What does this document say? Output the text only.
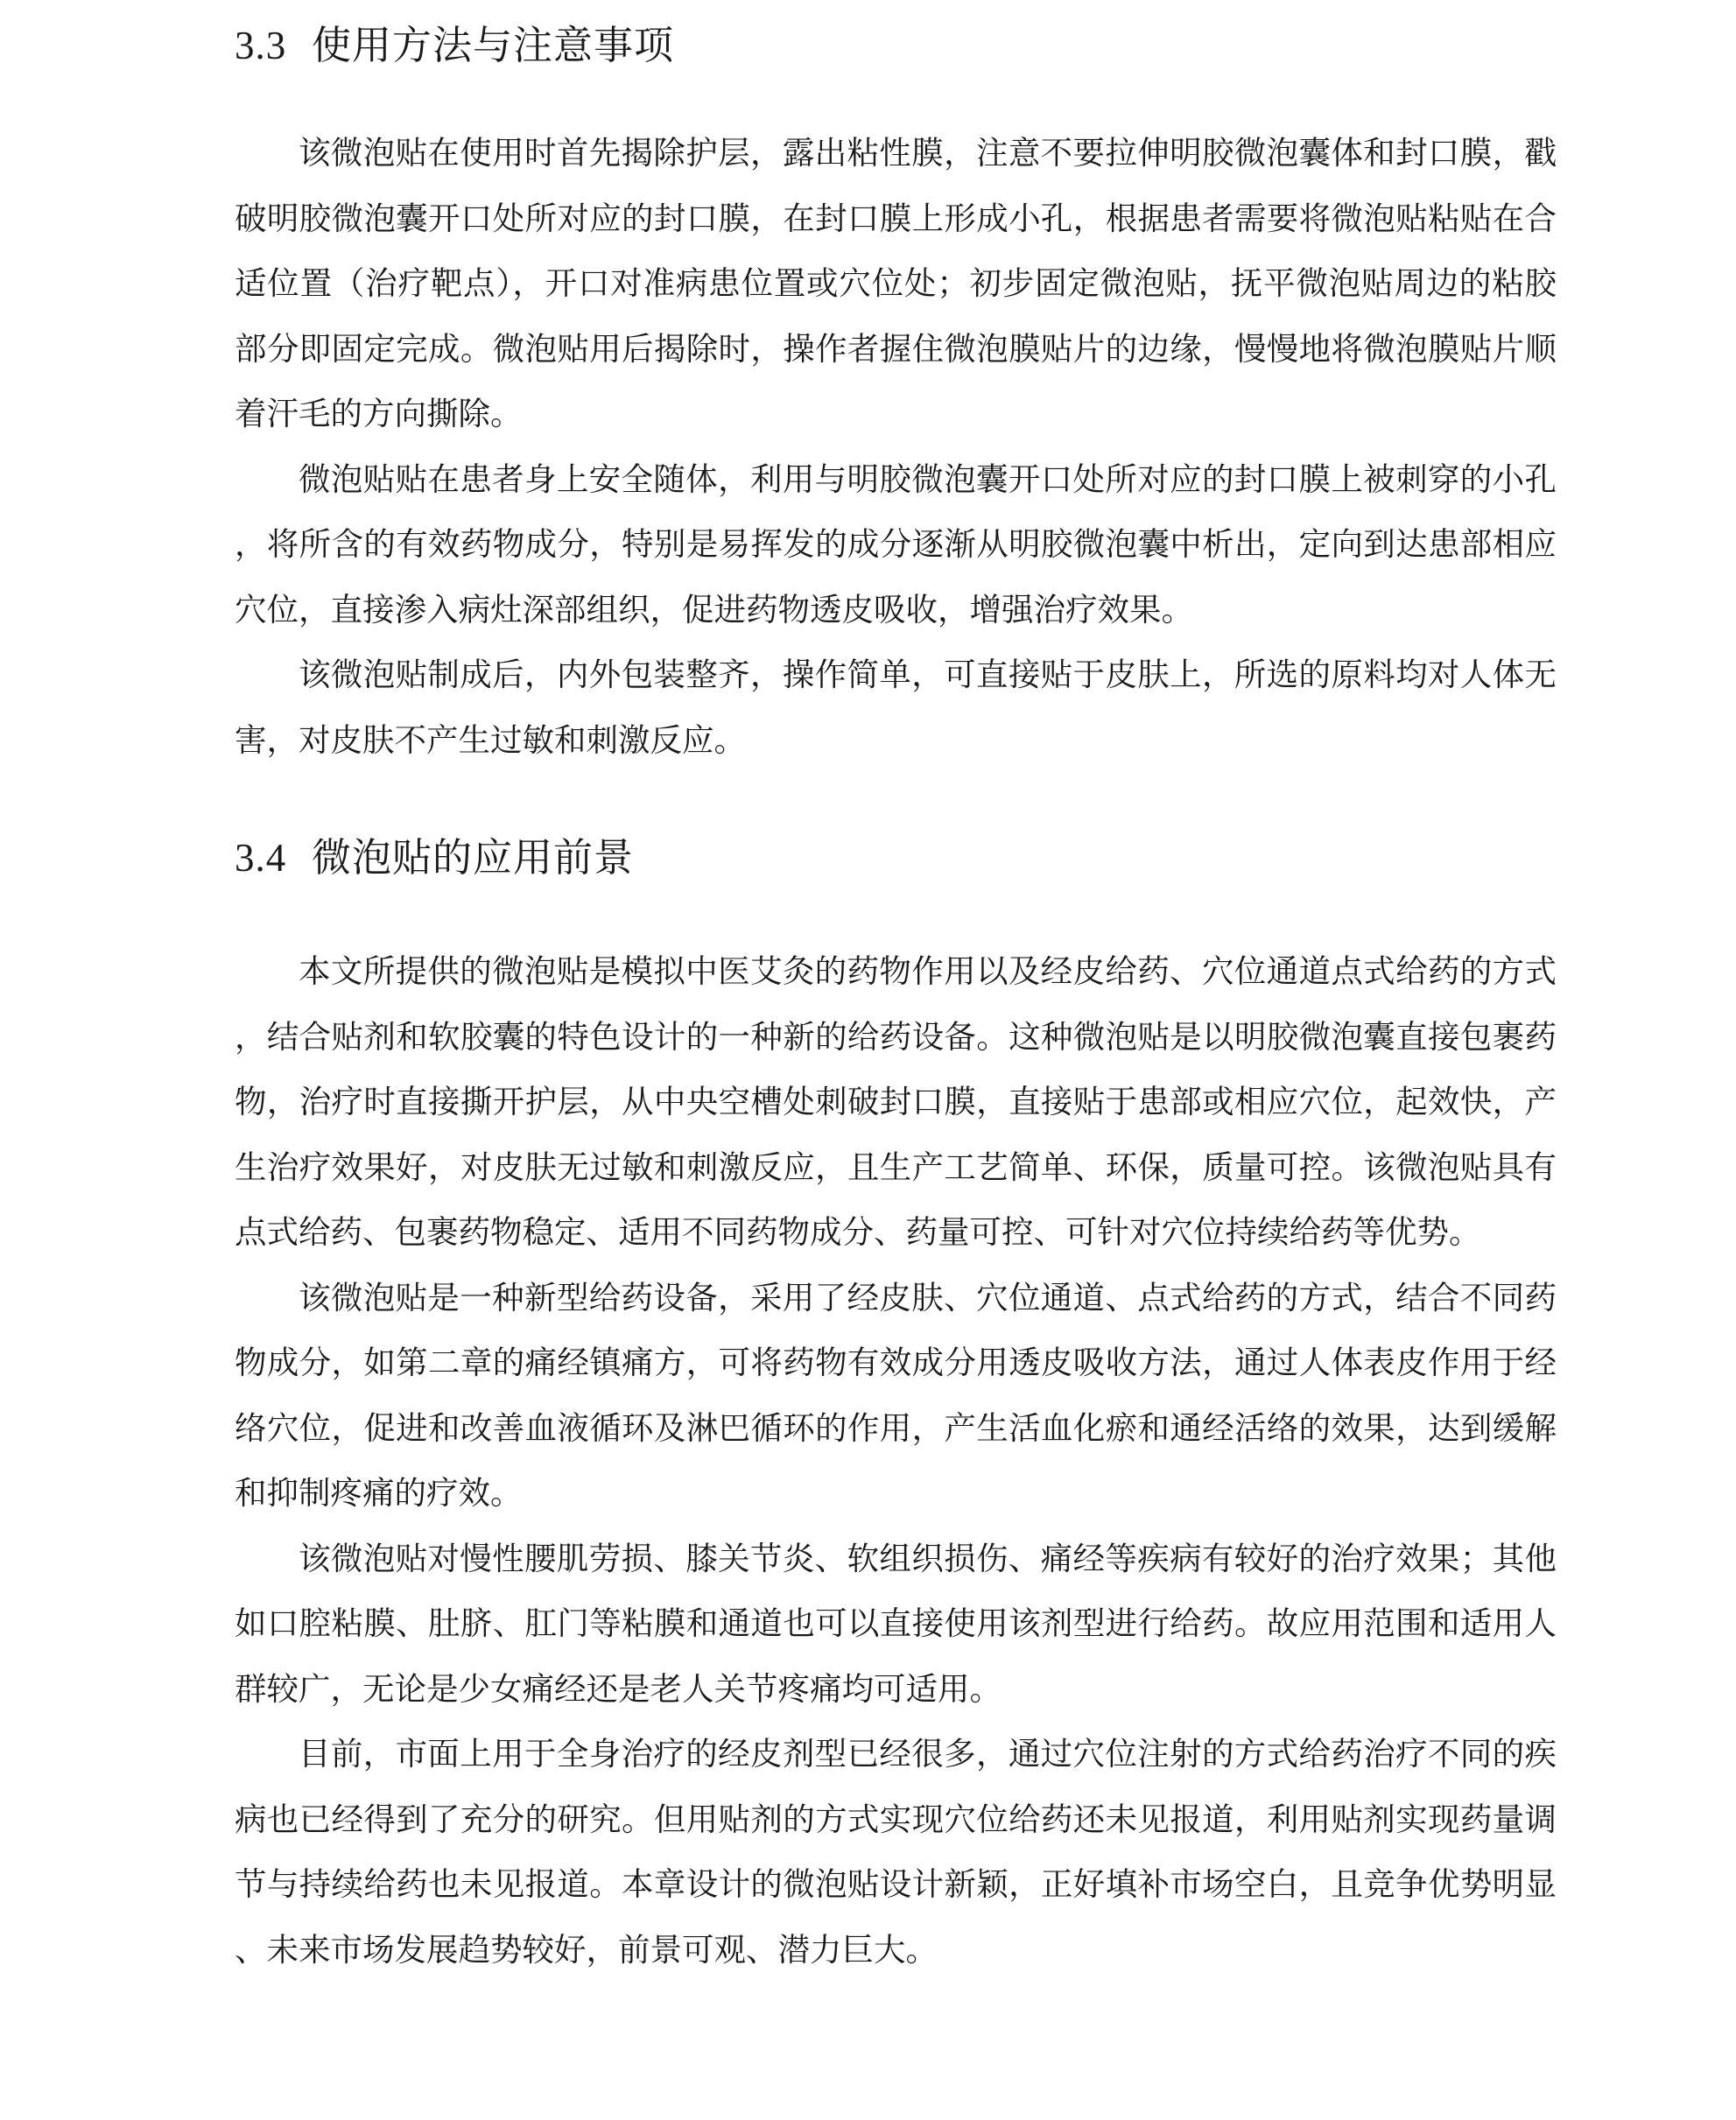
3.3 使用方法与注意事项

该微泡贴在使用时首先揭除护层，露出粘性膜，注意不要拉伸明胶微泡囊体和封口膜，戳破明胶微泡囊开口处所对应的封口膜，在封口膜上形成小孔，根据患者需要将微泡贴粘贴在合适位置（治疗靶点），开口对准病患位置或穴位处；初步固定微泡贴，抚平微泡贴周边的粘胶部分即固定完成。微泡贴用后揭除时，操作者握住微泡膜贴片的边缘，慢慢地将微泡膜贴片顺着汗毛的方向撕除。

微泡贴贴在患者身上安全随体，利用与明胶微泡囊开口处所对应的封口膜上被刺穿的小孔，将所含的有效药物成分，特别是易挥发的成分逐渐从明胶微泡囊中析出，定向到达患部相应穴位，直接渗入病灶深部组织，促进药物透皮吸收，增强治疗效果。

该微泡贴制成后，内外包装整齐，操作简单，可直接贴于皮肤上，所选的原料均对人体无害，对皮肤不产生过敏和刺激反应。

3.4 微泡贴的应用前景

本文所提供的微泡贴是模拟中医艾灸的药物作用以及经皮给药、穴位通道点式给药的方式，结合贴剂和软胶囊的特色设计的一种新的给药设备。这种微泡贴是以明胶微泡囊直接包裹药物，治疗时直接撕开护层，从中央空槽处刺破封口膜，直接贴于患部或相应穴位，起效快，产生治疗效果好，对皮肤无过敏和刺激反应，且生产工艺简单、环保，质量可控。该微泡贴具有点式给药、包裹药物稳定、适用不同药物成分、药量可控、可针对穴位持续给药等优势。

该微泡贴是一种新型给药设备，采用了经皮肤、穴位通道、点式给药的方式，结合不同药物成分，如第二章的痛经镇痛方，可将药物有效成分用透皮吸收方法，通过人体表皮作用于经络穴位，促进和改善血液循环及淋巴循环的作用，产生活血化瘀和通经活络的效果，达到缓解和抑制疼痛的疗效。

该微泡贴对慢性腰肌劳损、膝关节炎、软组织损伤、痛经等疾病有较好的治疗效果；其他如口腔粘膜、肚脐、肛门等粘膜和通道也可以直接使用该剂型进行给药。故应用范围和适用人群较广，无论是少女痛经还是老人关节疼痛均可适用。

目前，市面上用于全身治疗的经皮剂型已经很多，通过穴位注射的方式给药治疗不同的疾病也已经得到了充分的研究。但用贴剂的方式实现穴位给药还未见报道，利用贴剂实现药量调节与持续给药也未见报道。本章设计的微泡贴设计新颖，正好填补市场空白，且竞争优势明显、未来市场发展趋势较好，前景可观、潜力巨大。
